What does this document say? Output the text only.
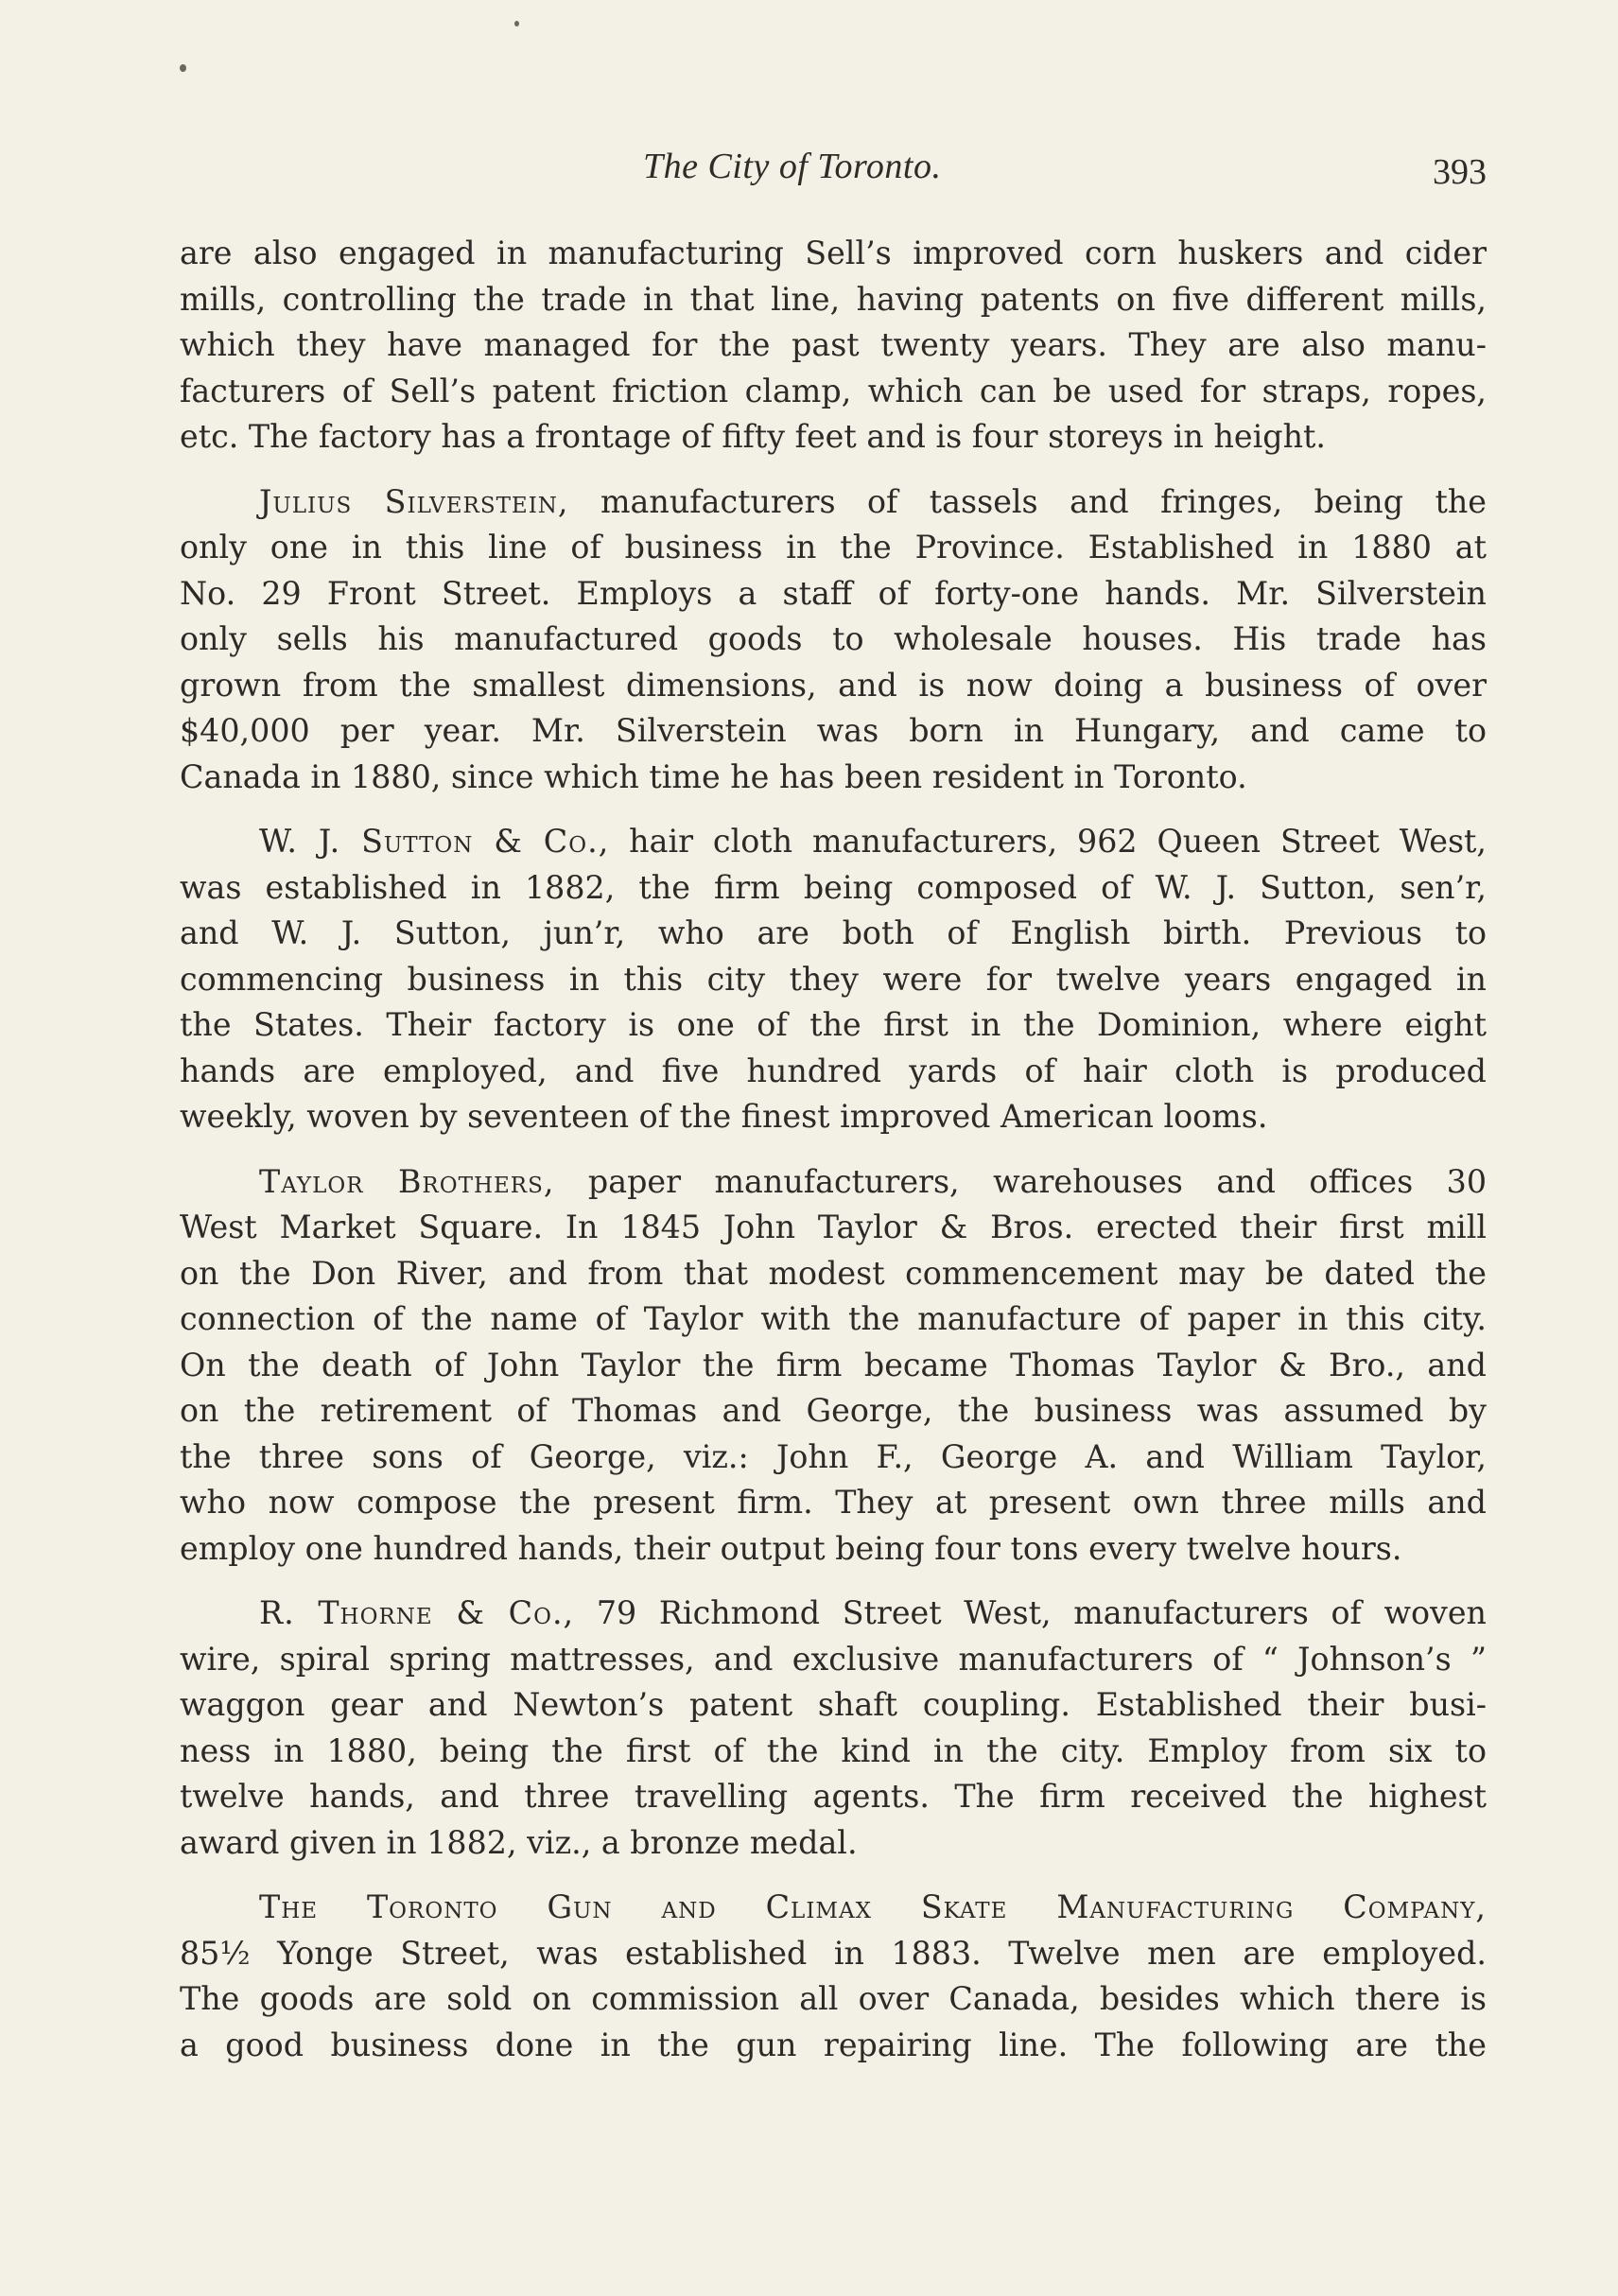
The City of Toronto.	393
are also engaged in manufacturing Sell’s improved corn huskers and cider
mills, controlling the trade in that line, having patents on five different mills,
which they have managed for the past twenty years. They are also manu-
facturers of Sell’s patent friction clamp, which can be used for straps, ropes,
etc. The factory has a frontage of fifty feet and is four storeys in height.
Julius Silverstein, manufacturers of tassels and fringes, being the
only one in this line of business in the Province. Established in 1880 at
No. 29 Front Street. Employs a staff of forty-one hands. Mr. Silverstein
only sells his manufactured goods to wholesale houses. His trade has
grown from the smallest dimensions, and is now doing a business of over
$40,000 per year. Mr. Silverstein was born in Hungary, and came to
Canada in 1880, since which time he has been resident in Toronto.
W. J. Sutton & Co., hair cloth manufacturers, 962 Queen Street West,
was established in 1882, the firm being composed of W. J. Sutton, sen’r,
and W. J. Sutton, jun’r, who are both of English birth. Previous to
commencing business in this city they were for twelve years engaged in
the States. Their factory is one of the first in the Dominion, where eight
hands are employed, and five hundred yards of hair cloth is produced
weekly, woven by seventeen of the finest improved American looms.
Taylor Brothers, paper manufacturers, warehouses and offices 30
West Market Square. In 1845 John Taylor & Bros. erected their first mill
on the Don River, and from that modest commencement may be dated the
connection of the name of Taylor with the manufacture of paper in this city.
On the death of John Taylor the firm became Thomas Taylor & Bro., and
on the retirement of Thomas and George, the business was assumed by
the three sons of George, viz.: John F., George A. and William Taylor,
who now compose the present firm. They at present own three mills and
employ one hundred hands, their output being four tons every twelve hours.
R. Thorne & Co., 79 Richmond Street West, manufacturers of woven
wire, spiral spring mattresses, and exclusive manufacturers of “ Johnson’s ”
waggon gear and Newton’s patent shaft coupling. Established their busi-
ness in 1880, being the first of the kind in the city. Employ from six to
twelve hands, and three travelling agents. The firm received the highest
award given in 1882, viz., a bronze medal.
The Toronto Gun and Climax Skate Manufacturing Company,
85½ Yonge Street, was established in 1883. Twelve men are employed.
The goods are sold on commission all over Canada, besides which there is
a good business done in the gun repairing line. The following are the
